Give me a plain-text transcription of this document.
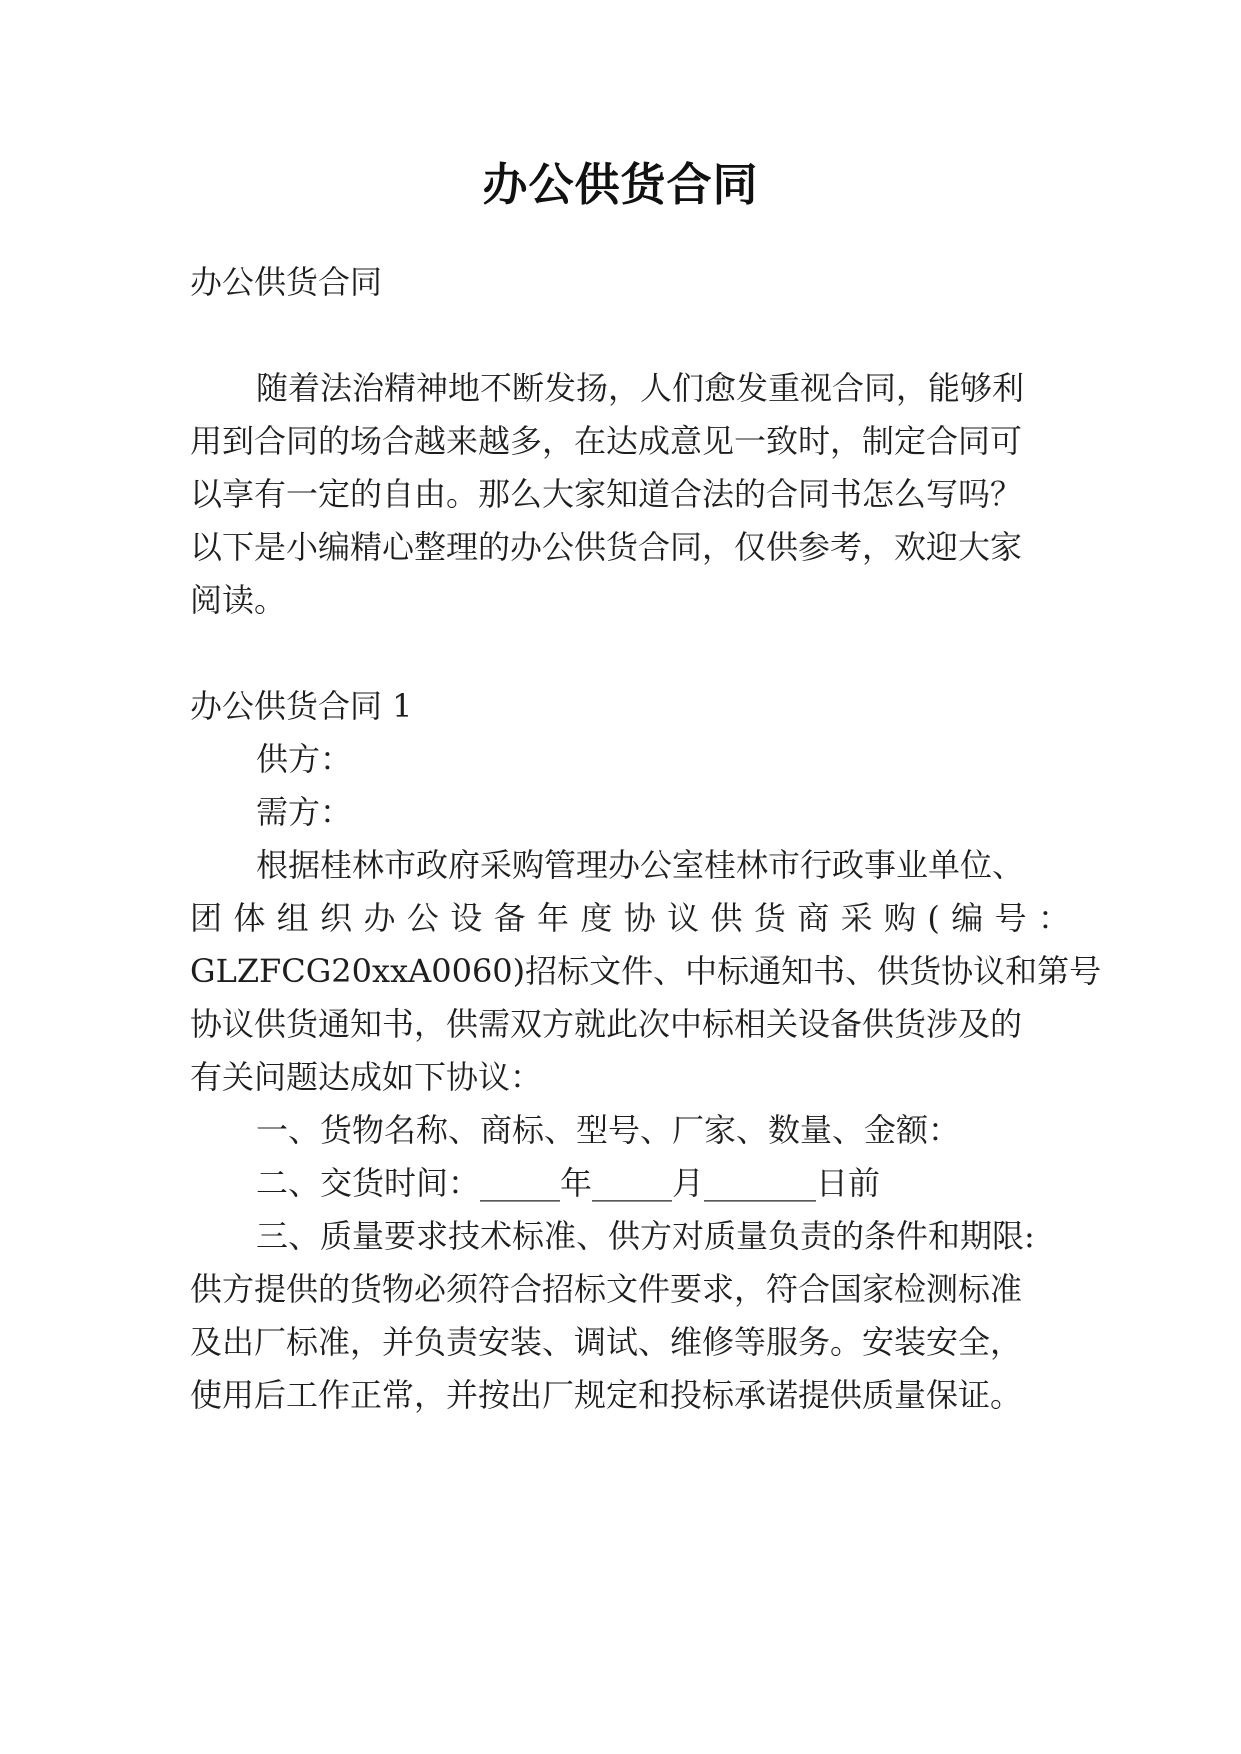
办公供货合同
办公供货合同
随着法治精神地不断发扬，人们愈发重视合同，能够利
用到合同的场合越来越多，在达成意见一致时，制定合同可
以享有一定的自由。那么大家知道合法的合同书怎么写吗？
以下是小编精心整理的办公供货合同，仅供参考，欢迎大家
阅读。
办公供货合同 1
供方：
需方：
根据桂林市政府采购管理办公室桂林市行政事业单位、
团体组织办公设备年度协议供货商采购(编号：
GLZFCG20xxA0060)招标文件、中标通知书、供货协议和第号
协议供货通知书，供需双方就此次中标相关设备供货涉及的
有关问题达成如下协议：
一、货物名称、商标、型号、厂家、数量、金额：
二、交货时间：_____年_____月_______日前
三、质量要求技术标准、供方对质量负责的条件和期限:
供方提供的货物必须符合招标文件要求，符合国家检测标准
及出厂标准，并负责安装、调试、维修等服务。安装安全，
使用后工作正常，并按出厂规定和投标承诺提供质量保证。
